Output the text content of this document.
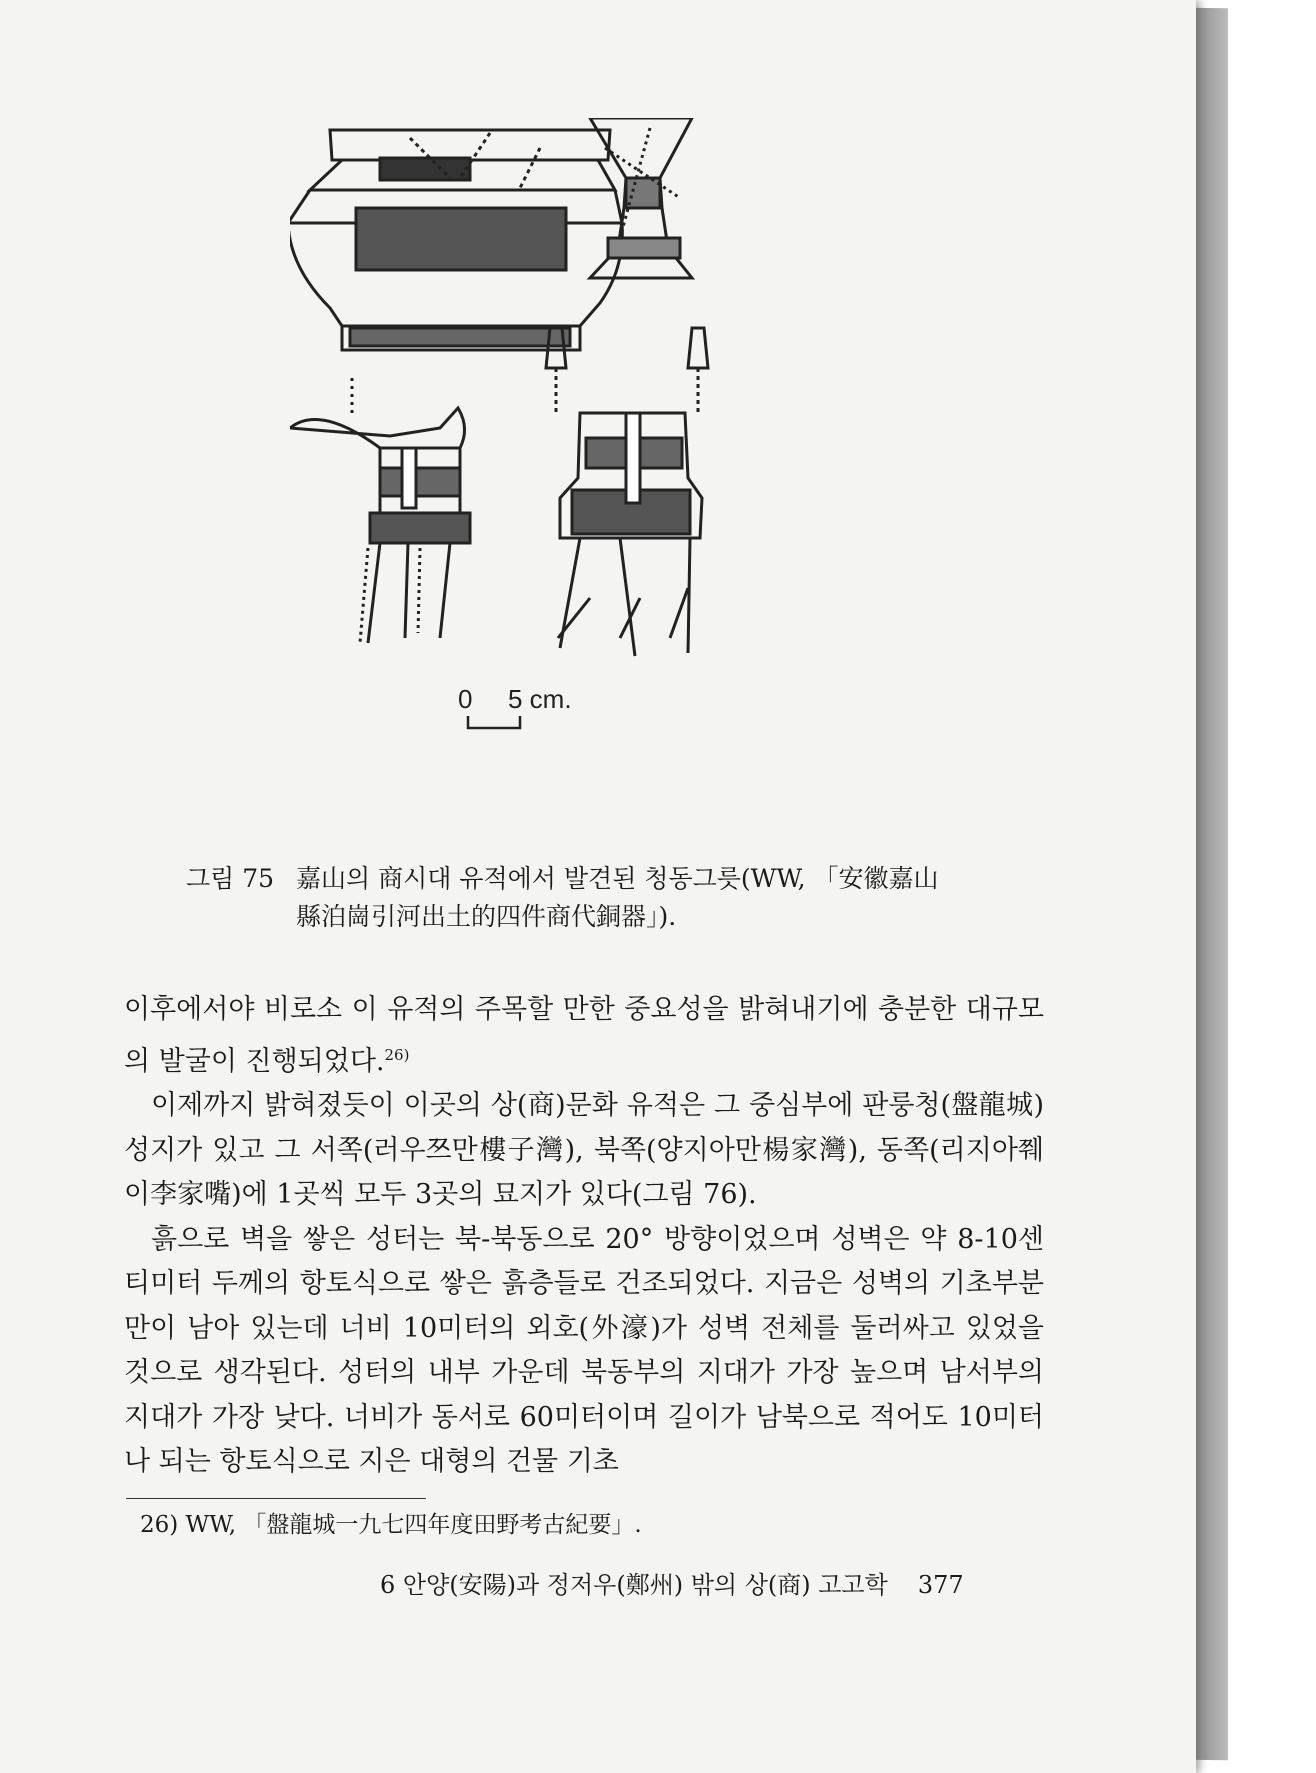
0 5 cm.
그림 75 嘉山의 商시대 유적에서 발견된 청동그릇(WW, 「安徽嘉山
縣泊崗引河出土的四件商代銅器」).

이후에서야 비로소 이 유적의 주목할 만한 중요성을 밝혀내기에 충분한 대규모의 발굴이 진행되었다.$^{26)}$

이제까지 밝혀졌듯이 이곳의 상(商)문화 유적은 그 중심부에 판룽청(盤龍城) 성지가 있고 그 서쪽(러우쯔만樓子灣), 북쪽(양지아만楊家灣), 동쪽(리지아쮀이李家嘴)에 1곳씩 모두 3곳의 묘지가 있다(그림 76).

흙으로 벽을 쌓은 성터는 북-북동으로 20° 방향이었으며 성벽은 약 8-10센티미터 두께의 항토식으로 쌓은 흙층들로 건조되었다. 지금은 성벽의 기초부분만이 남아 있는데 너비 10미터의 외호(外濠)가 성벽 전체를 둘러싸고 있었을 것으로 생각된다. 성터의 내부 가운데 북동부의 지대가 가장 높으며 남서부의 지대가 가장 낮다. 너비가 동서로 60미터이며 길이가 남북으로 적어도 10미터나 되는 항토식으로 지은 대형의 건물 기초

26) WW, 「盤龍城一九七四年度田野考古紀要」.
6 안양(安陽)과 정저우(鄭州) 밖의 상(商) 고고학 377
